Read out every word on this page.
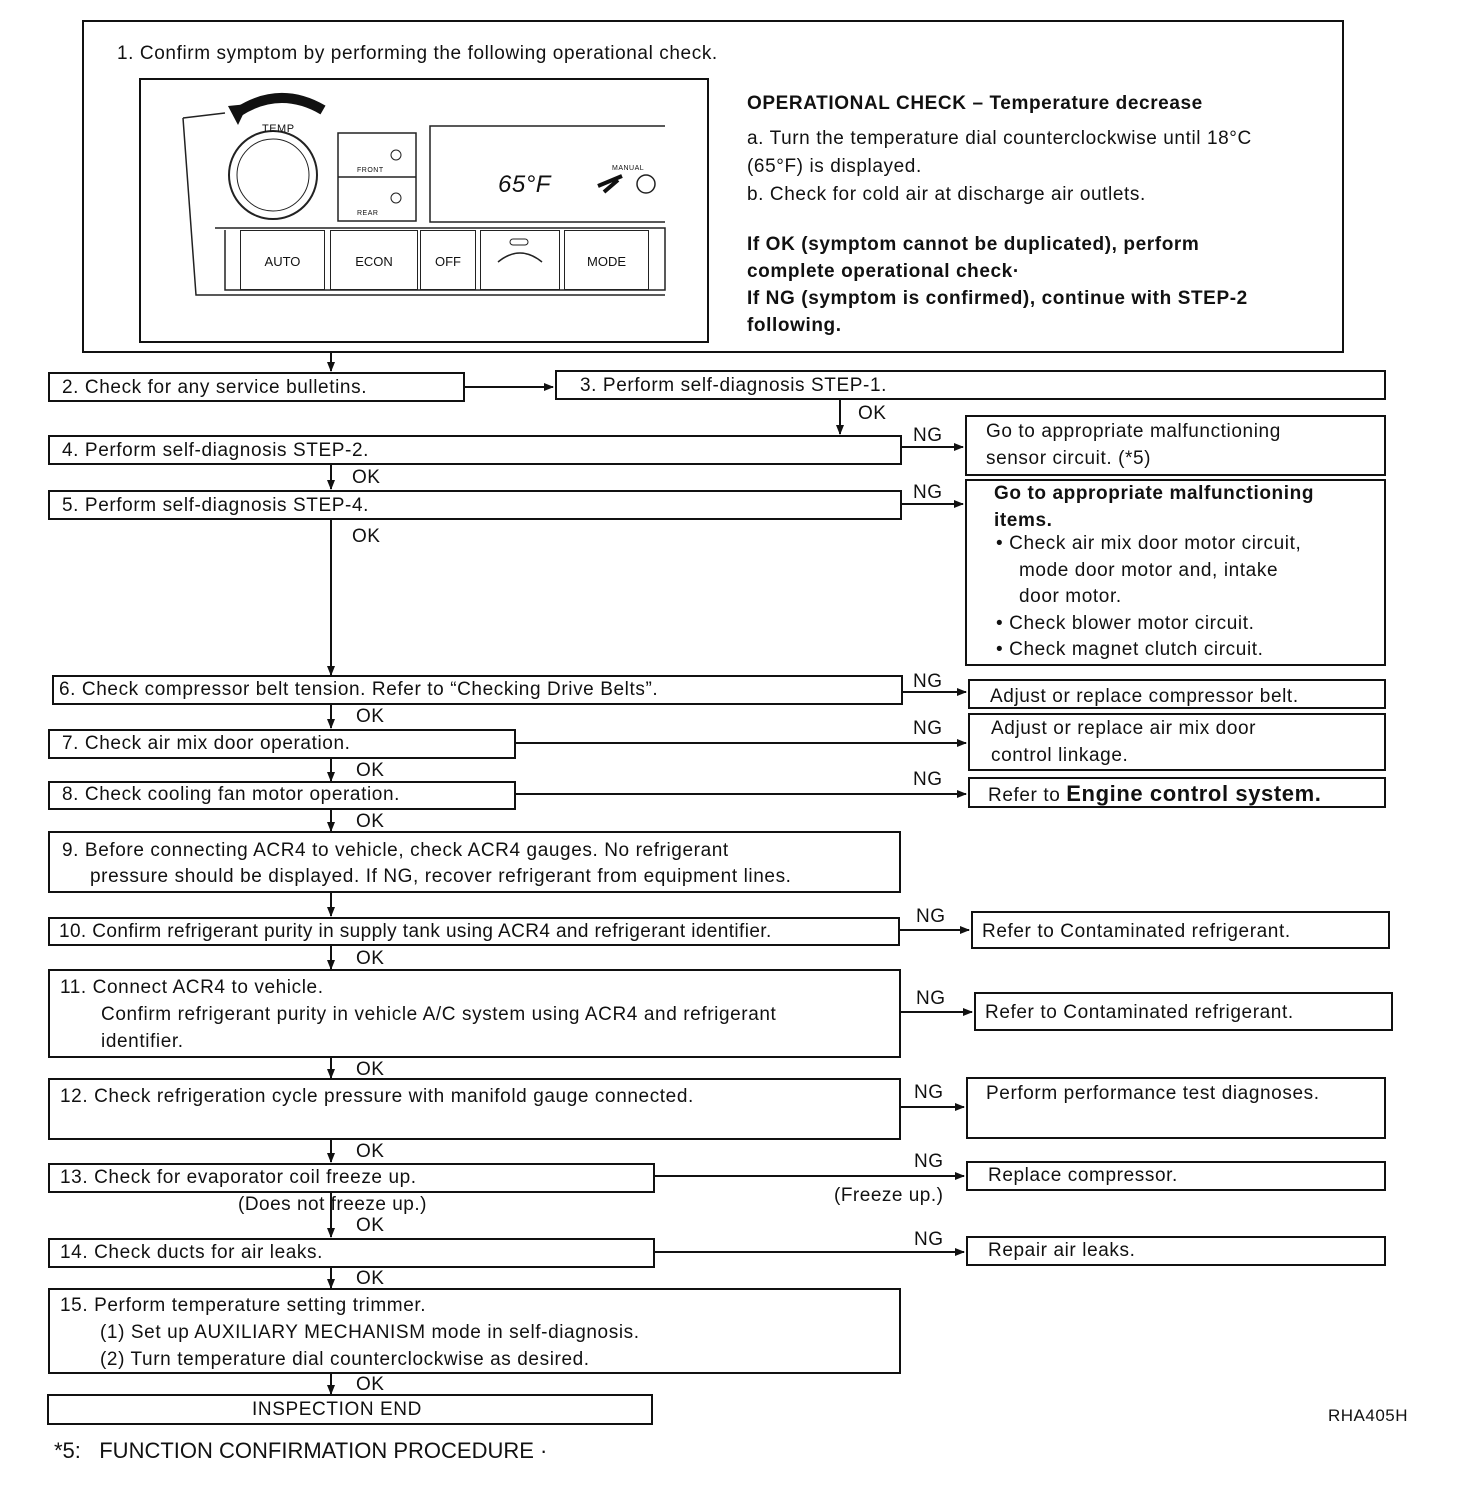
1. Confirm symptom by performing the following operational check.
TEMP
FRONT
REAR
65°F
MANUAL
AUTO	ECON	OFF	MODE
OPERATIONAL CHECK – Temperature decrease
a. Turn the temperature dial counterclockwise until 18°C
(65°F) is displayed.
b. Check for cold air at discharge air outlets.
If OK (symptom cannot be duplicated), perform
complete operational check·
If NG (symptom is confirmed), continue with STEP-2
following.
2. Check for any service bulletins.	3. Perform self-diagnosis STEP-1.
4. Perform self-diagnosis STEP-2.
5. Perform self-diagnosis STEP-4.
6. Check compressor belt tension. Refer to “Checking Drive Belts”.
7. Check air mix door operation.
8. Check cooling fan motor operation.
9. Before connecting ACR4 to vehicle, check ACR4 gauges. No refrigerant
pressure should be displayed. If NG, recover refrigerant from equipment lines.
10. Confirm refrigerant purity in supply tank using ACR4 and refrigerant identifier.
11. Connect ACR4 to vehicle.
Confirm refrigerant purity in vehicle A/C system using ACR4 and refrigerant
identifier.
12. Check refrigeration cycle pressure with manifold gauge connected.
13. Check for evaporator coil freeze up.
14. Check ducts for air leaks.
15. Perform temperature setting trimmer.
(1) Set up AUXILIARY MECHANISM mode in self-diagnosis.
(2) Turn temperature dial counterclockwise as desired.
INSPECTION END
Go to appropriate malfunctioning
sensor circuit. (*5)
Go to appropriate malfunctioning
items.
• Check air mix door motor circuit,
mode door motor and, intake
door motor.
• Check blower motor circuit.
• Check magnet clutch circuit.
Adjust or replace compressor belt.
Adjust or replace air mix door
control linkage.
Refer to Engine control system.
Refer to Contaminated refrigerant.
Refer to Contaminated refrigerant.
Perform performance test diagnoses.
Replace compressor.
Repair air leaks.
OK
OK
OK
OK
OK
OK
OK
OK
OK
OK
OK
OK
NG
NG
NG
NG
NG
NG
NG
NG
NG
NG
(Does not freeze up.)	(Freeze up.)
RHA405H
*5:   FUNCTION CONFIRMATION PROCEDURE ·
